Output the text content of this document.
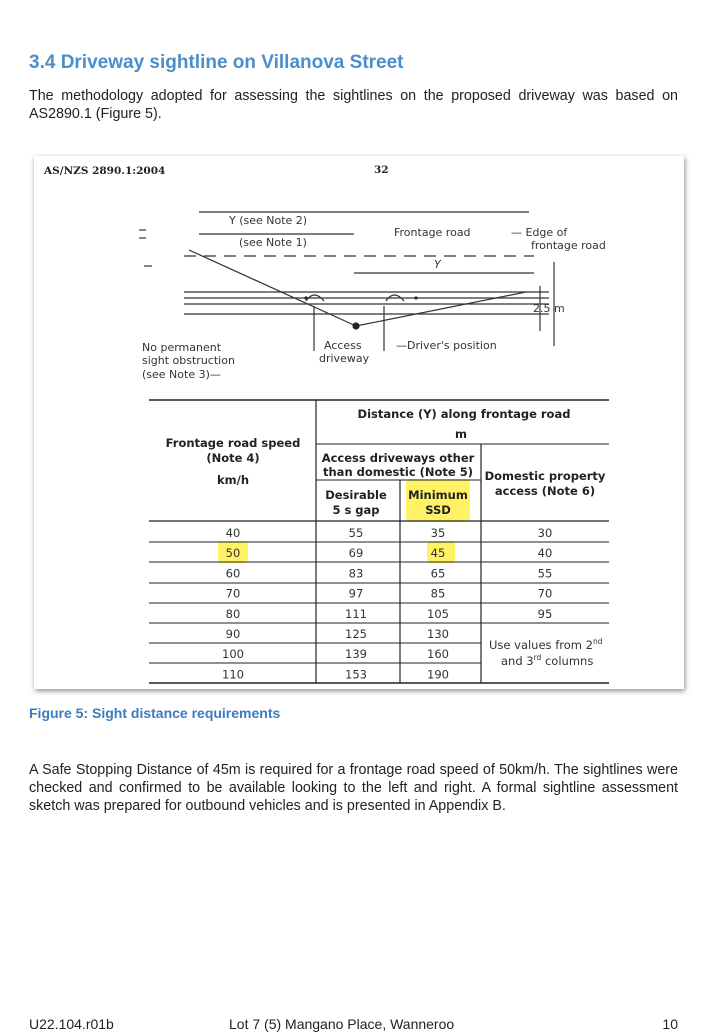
3.4 Driveway sightline on Villanova Street
The methodology adopted for assessing the sightlines on the proposed driveway was based on AS2890.1 (Figure 5).
AS/NZS 2890.1:2004	32
Y (see Note 2)
(see Note 1)
Frontage road	— Edge of
frontage road
Y
2.5 m
No permanent
sight obstruction
(see Note 3)—
Access
driveway
—Driver's position
Frontage road speed
(Note 4)
km/h
Distance (Y) along frontage road
m
Access driveways other
than domestic (Note 5)
Desirable
5 s gap
Minimum
SSD
Domestic property
access (Note 6)
40	55	35	30
50	69	45	40
60	83	65	55
70	97	85	70
80	111	105	95
90	125	130
100	139	160
110	153	190
Use values from 2nd
and 3rd columns
Figure 5: Sight distance requirements
A Safe Stopping Distance of 45m is required for a frontage road speed of 50km/h. The sightlines were checked and confirmed to be available looking to the left and right. A formal sightline assessment sketch was prepared for outbound vehicles and is presented in Appendix B.
U22.104.r01b	Lot 7 (5) Mangano Place, Wanneroo	10
